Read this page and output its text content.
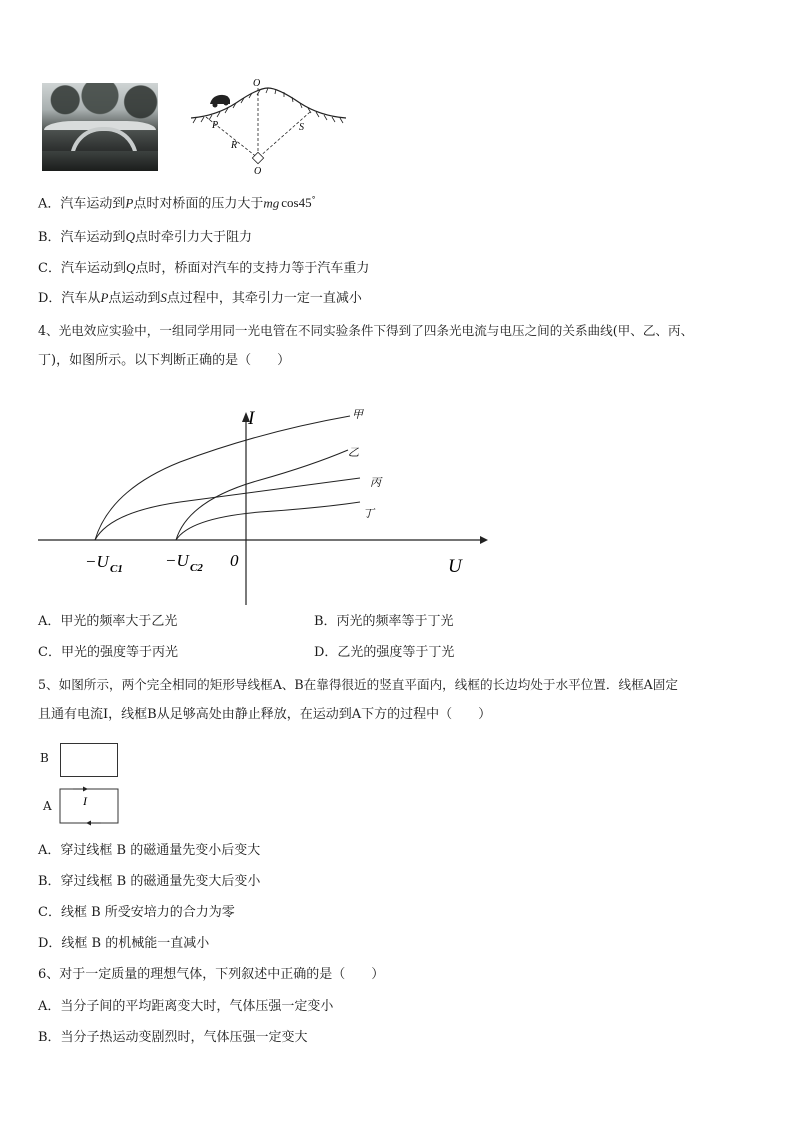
O
O
P
R
S
A．汽车运动到P点时对桥面的压力大于mg cos45°
B．汽车运动到Q点时牵引力大于阻力
C．汽车运动到Q点时，桥面对汽车的支持力等于汽车重力
D．汽车从P点运动到S点过程中，其牵引力一定一直减小
4、光电效应实验中，一组同学用同一光电管在不同实验条件下得到了四条光电流与电压之间的关系曲线(甲、乙、丙、
丁)，如图所示。以下判断正确的是（　　）
I
U
0
−U C1 −U C2
甲
乙
丙
丁
A．甲光的频率大于乙光	B．丙光的频率等于丁光
C．甲光的强度等于丙光	D．乙光的强度等于丁光
5、如图所示，两个完全相同的矩形导线框A、B在靠得很近的竖直平面内，线框的长边均处于水平位置．线框A固定
且通有电流I，线框B从足够高处由静止释放，在运动到A下方的过程中（　　）
B
A	I
A．穿过线框 B 的磁通量先变小后变大
B．穿过线框 B 的磁通量先变大后变小
C．线框 B 所受安培力的合力为零
D．线框 B 的机械能一直减小
6、对于一定质量的理想气体，下列叙述中正确的是（　　）
A．当分子间的平均距离变大时，气体压强一定变小
B．当分子热运动变剧烈时，气体压强一定变大
